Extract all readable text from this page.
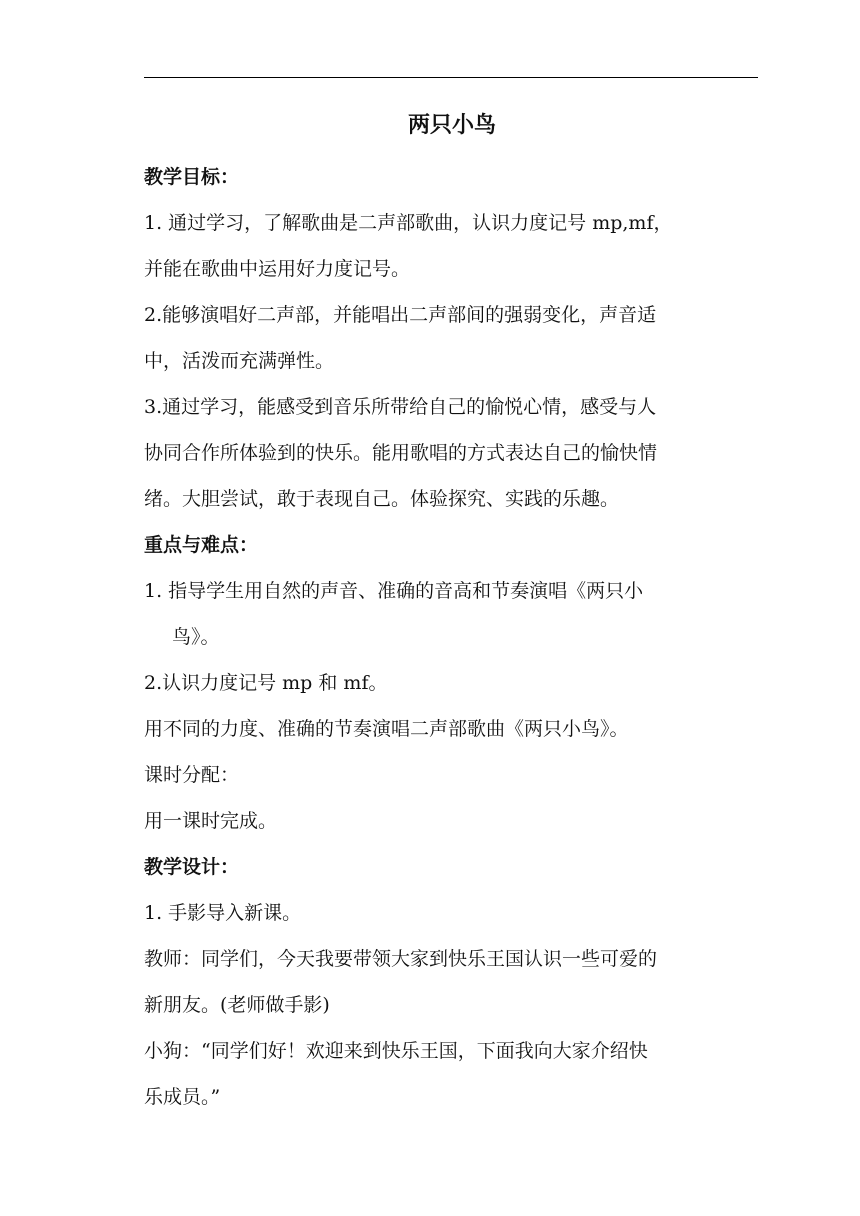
两只小鸟
教学目标：
1. 通过学习，了解歌曲是二声部歌曲，认识力度记号 mp,mf，
并能在歌曲中运用好力度记号。
2.能够演唱好二声部，并能唱出二声部间的强弱变化，声音适
中，活泼而充满弹性。
3.通过学习，能感受到音乐所带给自己的愉悦心情，感受与人
协同合作所体验到的快乐。能用歌唱的方式表达自己的愉快情
绪。大胆尝试，敢于表现自己。体验探究、实践的乐趣。
重点与难点：
1. 指导学生用自然的声音、准确的音高和节奏演唱《两只小
鸟》。
2.认识力度记号 mp 和 mf。
用不同的力度、准确的节奏演唱二声部歌曲《两只小鸟》。
课时分配：
用一课时完成。
教学设计：
1. 手影导入新课。
教师：同学们，今天我要带领大家到快乐王国认识一些可爱的
新朋友。(老师做手影)
小狗：“同学们好！欢迎来到快乐王国，下面我向大家介绍快
乐成员。”
